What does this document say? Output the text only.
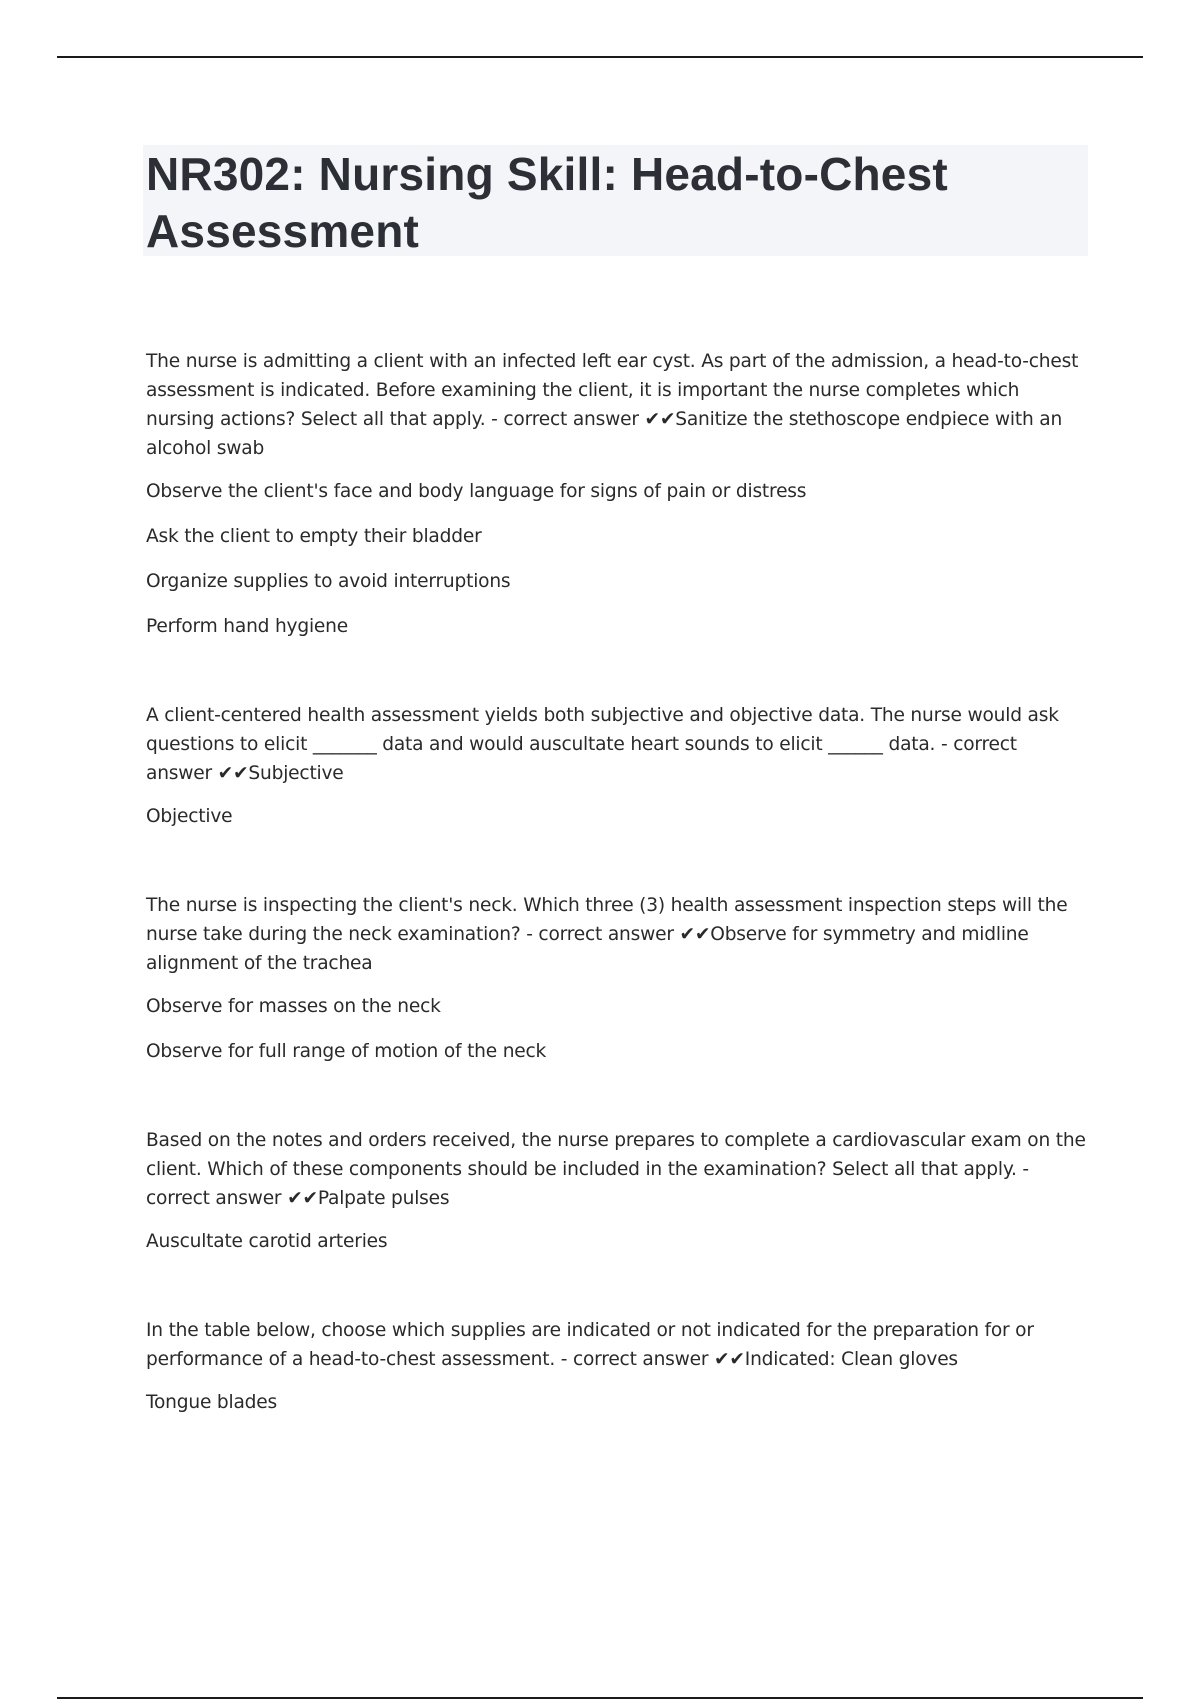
NR302: Nursing Skill: Head-to-Chest Assessment

The nurse is admitting a client with an infected left ear cyst. As part of the admission, a head-to-chest assessment is indicated. Before examining the client, it is important the nurse completes which nursing actions? Select all that apply. - correct answer ✔✔Sanitize the stethoscope endpiece with an alcohol swab

Observe the client's face and body language for signs of pain or distress

Ask the client to empty their bladder

Organize supplies to avoid interruptions

Perform hand hygiene

A client-centered health assessment yields both subjective and objective data. The nurse would ask questions to elicit _______ data and would auscultate heart sounds to elicit ______ data. - correct answer ✔✔Subjective

Objective

The nurse is inspecting the client's neck. Which three (3) health assessment inspection steps will the nurse take during the neck examination? - correct answer ✔✔Observe for symmetry and midline alignment of the trachea

Observe for masses on the neck

Observe for full range of motion of the neck

Based on the notes and orders received, the nurse prepares to complete a cardiovascular exam on the client. Which of these components should be included in the examination? Select all that apply. - correct answer ✔✔Palpate pulses

Auscultate carotid arteries

In the table below, choose which supplies are indicated or not indicated for the preparation for or performance of a head-to-chest assessment. - correct answer ✔✔Indicated: Clean gloves

Tongue blades
